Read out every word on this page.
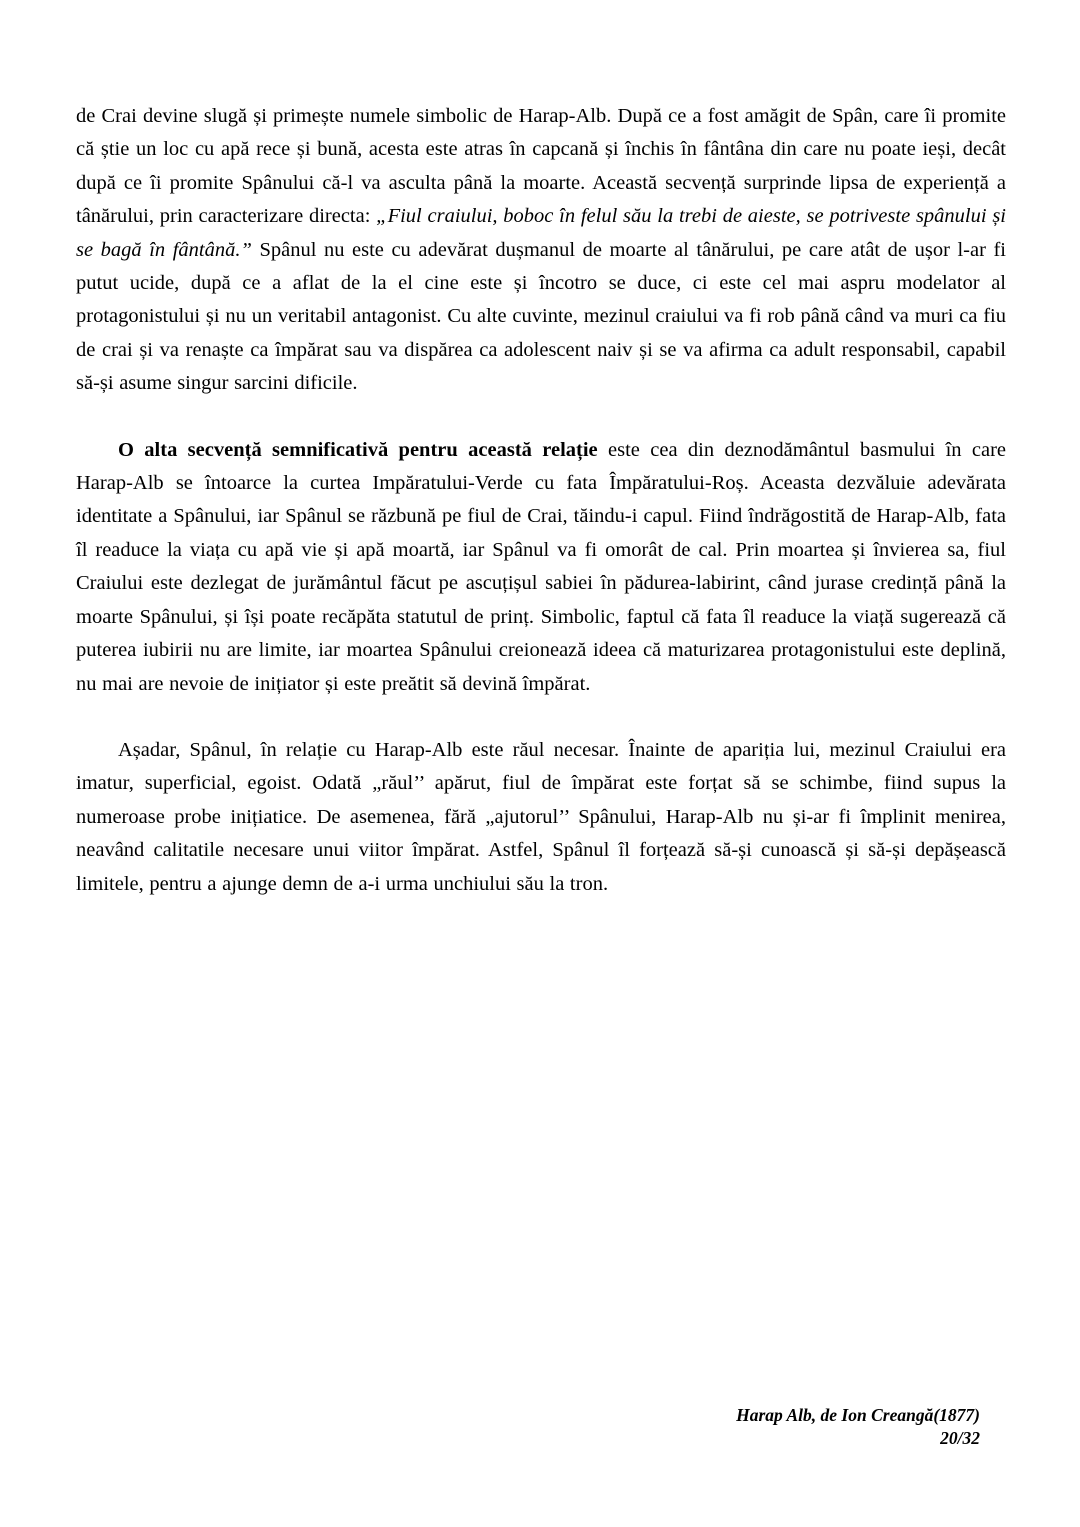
de Crai devine slugă și primește numele simbolic de Harap-Alb. După ce a fost amăgit de Spân, care îi promite că știe un loc cu apă rece și bună, acesta este atras în capcană și închis în fântâna din care nu poate ieși, decât după ce îi promite Spânului că-l va asculta până la moarte. Această secvență surprinde lipsa de experiență a tânărului, prin caracterizare directa: „Fiul craiului, boboc în felul său la trebi de aieste, se potriveste spânului și se bagă în fântână.” Spânul nu este cu adevărat dușmanul de moarte al tânărului, pe care atât de ușor l-ar fi putut ucide, după ce a aflat de la el cine este și încotro se duce, ci este cel mai aspru modelator al protagonistului și nu un veritabil antagonist. Cu alte cuvinte, mezinul craiului va fi rob până când va muri ca fiu de crai și va renaște ca împărat sau va dispărea ca adolescent naiv și se va afirma ca adult responsabil, capabil să-și asume singur sarcini dificile.

O alta secvență semnificativă pentru această relație este cea din deznodământul basmului în care Harap-Alb se întoarce la curtea Impăratului-Verde cu fata Împăratului-Roș. Aceasta dezvăluie adevărata identitate a Spânului, iar Spânul se răzbună pe fiul de Crai, tăindu-i capul. Fiind îndrăgostită de Harap-Alb, fata îl readuce la viața cu apă vie și apă moartă, iar Spânul va fi omorât de cal. Prin moartea și învierea sa, fiul Craiului este dezlegat de jurământul făcut pe ascuțișul sabiei în pădurea-labirint, când jurase credință până la moarte Spânului, și își poate recăpăta statutul de prinț. Simbolic, faptul că fata îl readuce la viață sugerează că puterea iubirii nu are limite, iar moartea Spânului creionează ideea că maturizarea protagonistului este deplină, nu mai are nevoie de inițiator și este preătit să devină împărat.

Așadar, Spânul, în relație cu Harap-Alb este răul necesar. Înainte de apariția lui, mezinul Craiului era imatur, superficial, egoist. Odată „răul’’ apărut, fiul de împărat este forțat să se schimbe, fiind supus la numeroase probe inițiatice. De asemenea, fără „ajutorul’’ Spânului, Harap-Alb nu și-ar fi împlinit menirea, neavând calitatile necesare unui viitor împărat. Astfel, Spânul îl forțează să-și cunoască și să-și depășească limitele, pentru a ajunge demn de a-i urma unchiului său la tron.

Harap Alb, de Ion Creangă(1877)
20/32
